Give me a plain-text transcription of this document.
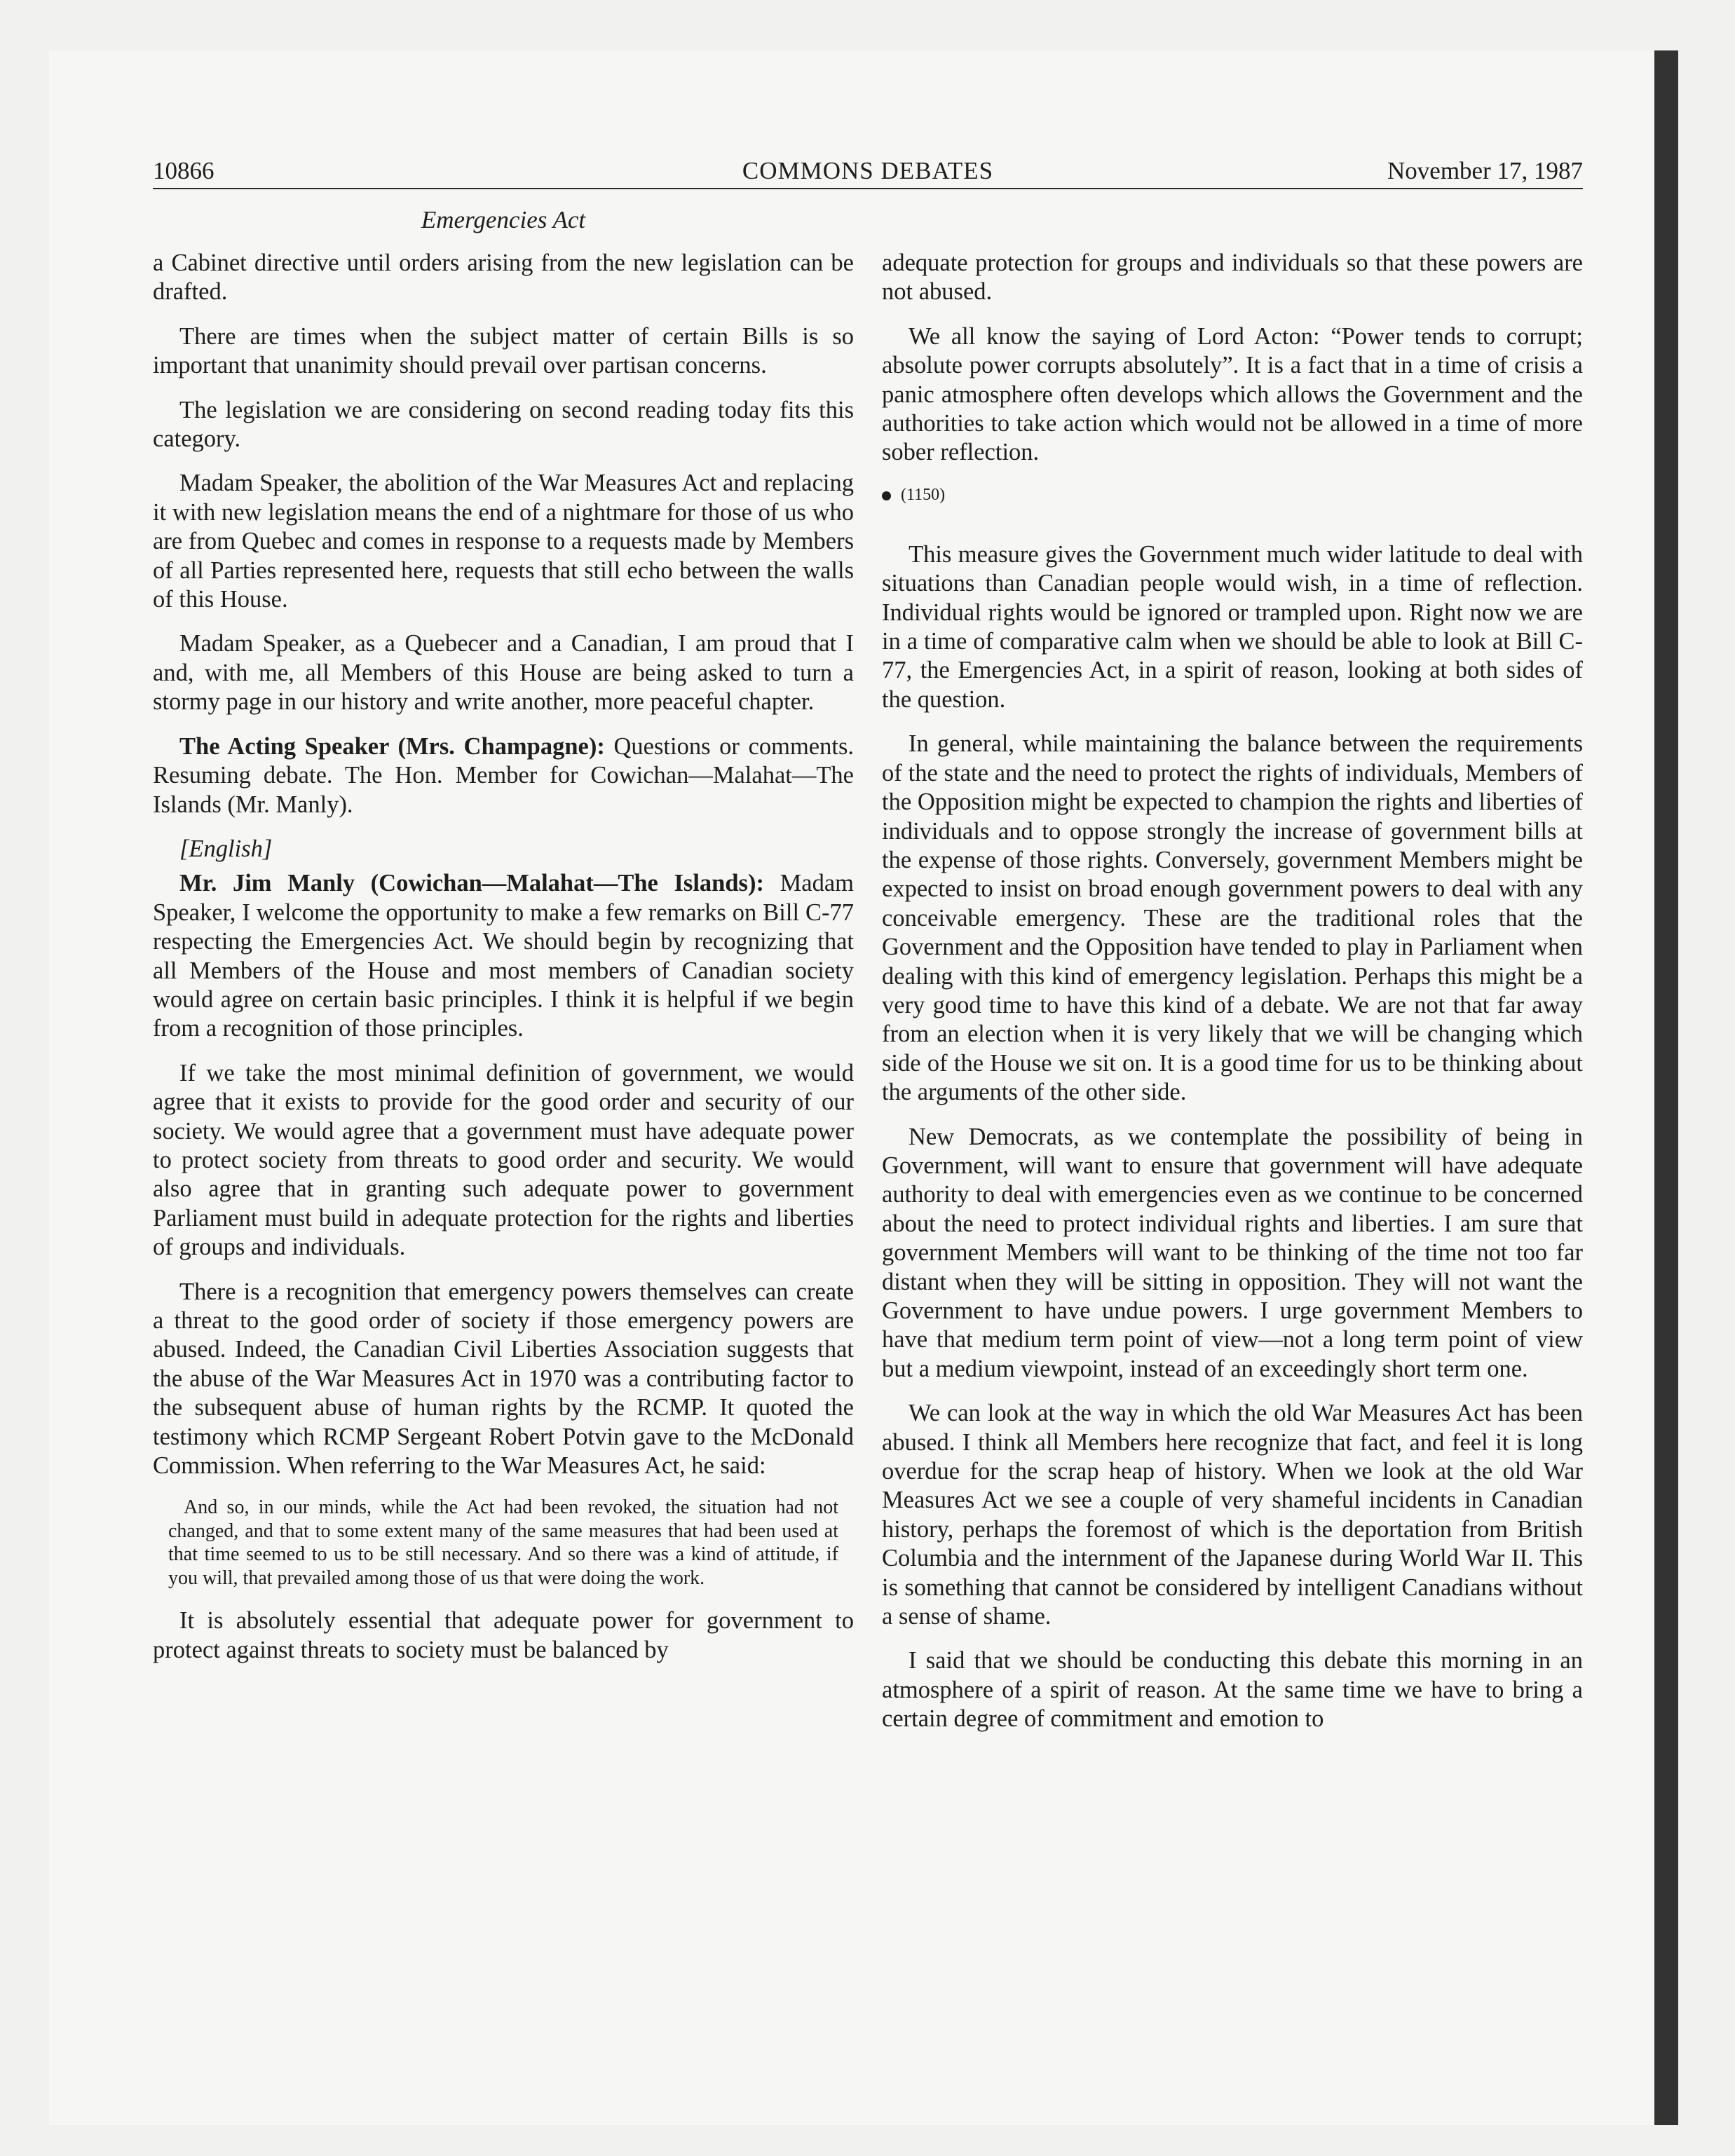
10866	COMMONS DEBATES	November 17, 1987
Emergencies Act

a Cabinet directive until orders arising from the new legislation can be drafted.

There are times when the subject matter of certain Bills is so important that unanimity should prevail over partisan concerns.

The legislation we are considering on second reading today fits this category.

Madam Speaker, the abolition of the War Measures Act and replacing it with new legislation means the end of a nightmare for those of us who are from Quebec and comes in response to a requests made by Members of all Parties represented here, requests that still echo between the walls of this House.

Madam Speaker, as a Quebecer and a Canadian, I am proud that I and, with me, all Members of this House are being asked to turn a stormy page in our history and write another, more peaceful chapter.

The Acting Speaker (Mrs. Champagne): Questions or comments. Resuming debate. The Hon. Member for Cowichan—Malahat—The Islands (Mr. Manly).

[English]

Mr. Jim Manly (Cowichan—Malahat—The Islands): Madam Speaker, I welcome the opportunity to make a few remarks on Bill C-77 respecting the Emergencies Act. We should begin by recognizing that all Members of the House and most members of Canadian society would agree on certain basic principles. I think it is helpful if we begin from a recognition of those principles.

If we take the most minimal definition of government, we would agree that it exists to provide for the good order and security of our society. We would agree that a government must have adequate power to protect society from threats to good order and security. We would also agree that in granting such adequate power to government Parliament must build in adequate protection for the rights and liberties of groups and individuals.

There is a recognition that emergency powers themselves can create a threat to the good order of society if those emergency powers are abused. Indeed, the Canadian Civil Liberties Association suggests that the abuse of the War Measures Act in 1970 was a contributing factor to the subsequent abuse of human rights by the RCMP. It quoted the testimony which RCMP Sergeant Robert Potvin gave to the McDonald Commission. When referring to the War Measures Act, he said:

And so, in our minds, while the Act had been revoked, the situation had not changed, and that to some extent many of the same measures that had been used at that time seemed to us to be still necessary. And so there was a kind of attitude, if you will, that prevailed among those of us that were doing the work.

It is absolutely essential that adequate power for government to protect against threats to society must be balanced by

adequate protection for groups and individuals so that these powers are not abused.

We all know the saying of Lord Acton: “Power tends to corrupt; absolute power corrupts absolutely”. It is a fact that in a time of crisis a panic atmosphere often develops which allows the Government and the authorities to take action which would not be allowed in a time of more sober reflection.

(1150)

This measure gives the Government much wider latitude to deal with situations than Canadian people would wish, in a time of reflection. Individual rights would be ignored or trampled upon. Right now we are in a time of comparative calm when we should be able to look at Bill C-77, the Emergencies Act, in a spirit of reason, looking at both sides of the question.

In general, while maintaining the balance between the requirements of the state and the need to protect the rights of individuals, Members of the Opposition might be expected to champion the rights and liberties of individuals and to oppose strongly the increase of government bills at the expense of those rights. Conversely, government Members might be expected to insist on broad enough government powers to deal with any conceivable emergency. These are the traditional roles that the Government and the Opposition have tended to play in Parliament when dealing with this kind of emergency legislation. Perhaps this might be a very good time to have this kind of a debate. We are not that far away from an election when it is very likely that we will be changing which side of the House we sit on. It is a good time for us to be thinking about the arguments of the other side.

New Democrats, as we contemplate the possibility of being in Government, will want to ensure that government will have adequate authority to deal with emergencies even as we continue to be concerned about the need to protect individual rights and liberties. I am sure that government Members will want to be thinking of the time not too far distant when they will be sitting in opposition. They will not want the Government to have undue powers. I urge government Members to have that medium term point of view—not a long term point of view but a medium viewpoint, instead of an exceedingly short term one.

We can look at the way in which the old War Measures Act has been abused. I think all Members here recognize that fact, and feel it is long overdue for the scrap heap of history. When we look at the old War Measures Act we see a couple of very shameful incidents in Canadian history, perhaps the foremost of which is the deportation from British Columbia and the internment of the Japanese during World War II. This is something that cannot be considered by intelligent Canadians without a sense of shame.

I said that we should be conducting this debate this morning in an atmosphere of a spirit of reason. At the same time we have to bring a certain degree of commitment and emotion to
